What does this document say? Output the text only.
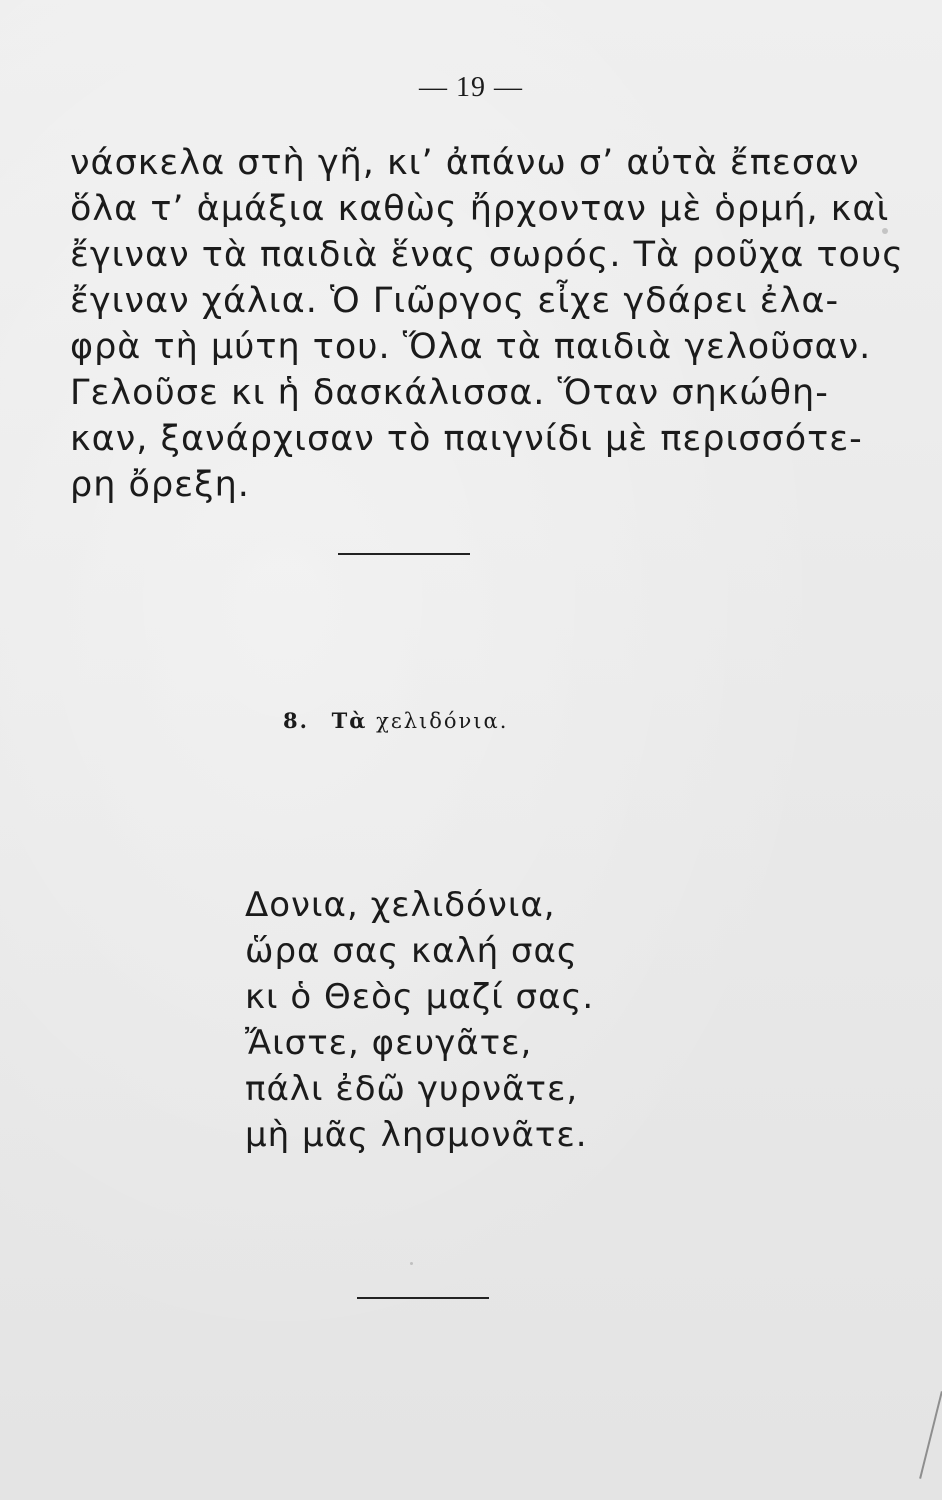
— 19 —
νάσκελα στὴ γῆ, κι’ ἀπάνω σ’ αὐτὰ ἔπεσαν
ὅλα τ’ ἁμάξια καθὼς ἤρχονταν μὲ ὁρμή, καὶ
ἔγιναν τὰ παιδιὰ ἕνας σωρός. Τὰ ροῦχα τους
ἔγιναν χάλια. Ὁ Γιῶργος εἶχε γδάρει ἐλα-
φρὰ τὴ μύτη του. Ὅλα τὰ παιδιὰ γελοῦσαν.
Γελοῦσε κι ἡ δασκάλισσα. Ὅταν σηκώθη-
καν, ξανάρχισαν τὸ παιγνίδι μὲ περισσότε-
ρη ὄρεξη.
8. Τὰ χελιδόνια.
Δονια, χελιδόνια,
ὥρα σας καλή σας
κι ὁ Θεὸς μαζί σας.
Ἄιστε, φευγᾶτε,
πάλι ἐδῶ γυρνᾶτε,
μὴ μᾶς λησμονᾶτε.
